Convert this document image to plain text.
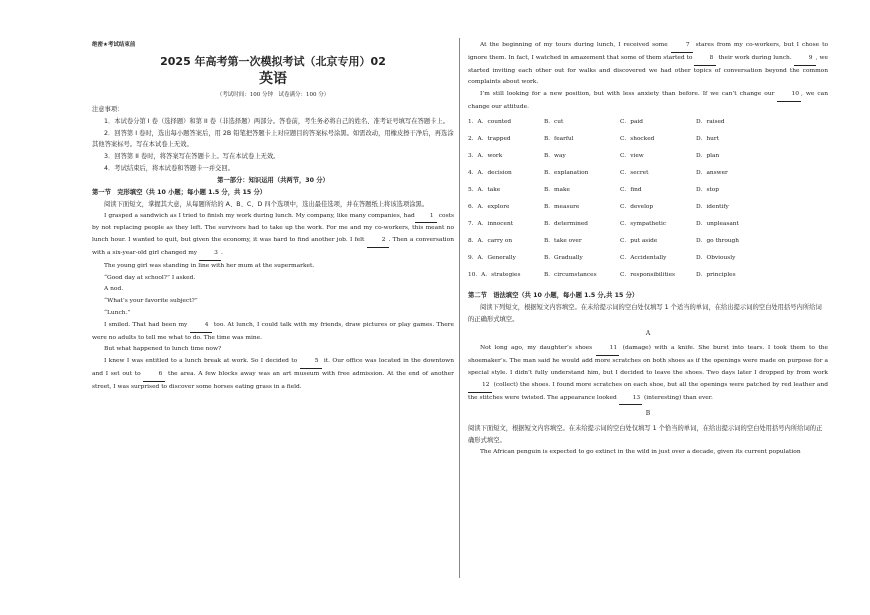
绝密★考试结束前

2025 年高考第一次模拟考试（北京专用）02

英语

（考试时间：100 分钟　试卷满分：100 分）

注意事项：

1．本试卷分第 I 卷（选择题）和第 II 卷（非选择题）两部分。答卷前，考生务必将自己的姓名、准考证号填写在答题卡上。

2．回答第 I 卷时，选出每小题答案后，用 2B 铅笔把答题卡上对应题目的答案标号涂黑。如需改动，用橡皮擦干净后，再选涂其他答案标号。写在本试卷上无效。

3．回答第 II 卷时，将答案写在答题卡上。写在本试卷上无效。

4．考试结束后，将本试卷和答题卡一并交回。

第一部分：知识运用（共两节，30 分）

第一节　完形填空（共 10 小题；每小题 1.5 分，共 15 分）

阅读下面短文，掌握其大意，从每题所给的 A、B、C、D 四个选项中，选出最佳选项，并在答题纸上将该选项涂黑。

I grasped a sandwich as I tried to finish my work during lunch. My company, like many companies, had	1 costs by not replacing people as they left. The survivors had to take up the work. For me and my co-workers, this meant no lunch hour. I wanted to quit, but given the economy, it was hard to find another job. I felt	2 . Then a conversation with a six-year-old girl changed my	3 .

The young girl was standing in line with her mum at the supermarket.

“Good day at school?” I asked.

A nod.

“What’s your favorite subject?”

“Lunch.”

I smiled. That had been my	4 too. At lunch, I could talk with my friends, draw pictures or play games. There were no adults to tell me what to do. The time was mine.

But what happened to lunch time now?

I knew I was entitled to a lunch break at work. So I decided to	5 it. Our office was located in the downtown and I set out to	6 the area. A few blocks away was an art museum with free admission. At the end of another street, I was surprised to discover some horses eating grass in a field.

At the beginning of my tours during lunch, I received some	7 stares from my co-workers, but I chose to ignore them. In fact, I watched in amazement that some of them started to	8 their work during lunch.	9 , we started inviting each other out for walks and discovered we had other topics of conversation beyond the common complaints about work.

I’m still looking for a new position, but with less anxiety than before. If we can’t change our	10 , we can change our attitude.

1．A．counted	B．cut	C．paid	D．raised
2．A．trapped	B．fearful	C．shocked	D．hurt
3．A．work	B．way	C．view	D．plan
4．A．decision	B．explanation	C．secret	D．answer
5．A．take	B．make	C．find	D．stop
6．A．explore	B．measure	C．develop	D．identify
7．A．innocent	B．determined	C．sympathetic	D．unpleasant
8．A．carry on	B．take over	C．put aside	D．go through
9．A．Generally	B．Gradually	C．Accidentally	D．Obviously
10．A．strategies	B．circumstances	C．responsibilities	D．principles

第二节　语法填空（共 10 小题，每小题 1.5 分,共 15 分）

阅读下列短文，根据短文内容填空。在未给提示词的空白处仅填写 1 个适当的单词，在给出提示词的空白处用括号内所给词的正确形式填空。

A

Not long ago, my daughter’s shoes	11 (damage) with a knife. She burst into tears. I took them to the shoemaker’s. The man said he would add more scratches on both shoes as if the openings were made on purpose for a special style. I didn’t fully understand him, but I decided to leave the shoes. Two days later I dropped by from work 12 (collect) the shoes. I found more scratches on each shoe, but all the openings were patched by red leather and the stitches were twisted. The appearance looked	13 (interesting) than ever.

B

阅读下面短文，根据短文内容填空。在未给提示词的空白处仅填写 1 个恰当的单词，在给出提示词的空白处用括号内所给词的正确形式填空。

The African penguin is expected to go extinct in the wild in just over a decade, given its current population
